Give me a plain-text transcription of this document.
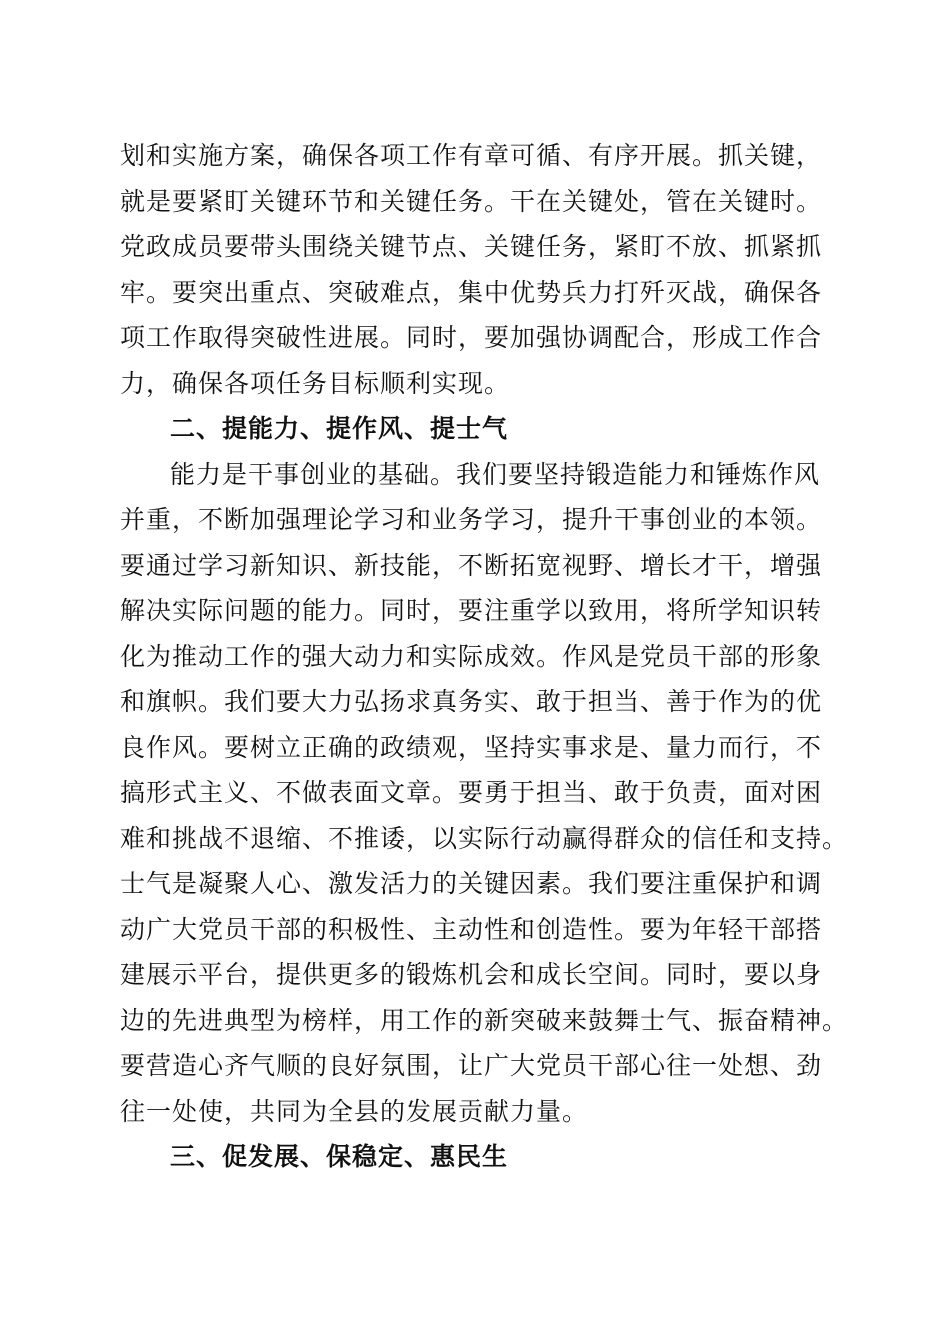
划和实施方案，确保各项工作有章可循、有序开展。抓关键，
就是要紧盯关键环节和关键任务。干在关键处，管在关键时。
党政成员要带头围绕关键节点、关键任务，紧盯不放、抓紧抓
牢。要突出重点、突破难点，集中优势兵力打歼灭战，确保各
项工作取得突破性进展。同时，要加强协调配合，形成工作合
力，确保各项任务目标顺利实现。
二、提能力、提作风、提士气
能力是干事创业的基础。我们要坚持锻造能力和锤炼作风
并重，不断加强理论学习和业务学习，提升干事创业的本领。
要通过学习新知识、新技能，不断拓宽视野、增长才干，增强
解决实际问题的能力。同时，要注重学以致用，将所学知识转
化为推动工作的强大动力和实际成效。作风是党员干部的形象
和旗帜。我们要大力弘扬求真务实、敢于担当、善于作为的优
良作风。要树立正确的政绩观，坚持实事求是、量力而行，不
搞形式主义、不做表面文章。要勇于担当、敢于负责，面对困
难和挑战不退缩、不推诿，以实际行动赢得群众的信任和支持。
士气是凝聚人心、激发活力的关键因素。我们要注重保护和调
动广大党员干部的积极性、主动性和创造性。要为年轻干部搭
建展示平台，提供更多的锻炼机会和成长空间。同时，要以身
边的先进典型为榜样，用工作的新突破来鼓舞士气、振奋精神。
要营造心齐气顺的良好氛围，让广大党员干部心往一处想、劲
往一处使，共同为全县的发展贡献力量。
三、促发展、保稳定、惠民生
